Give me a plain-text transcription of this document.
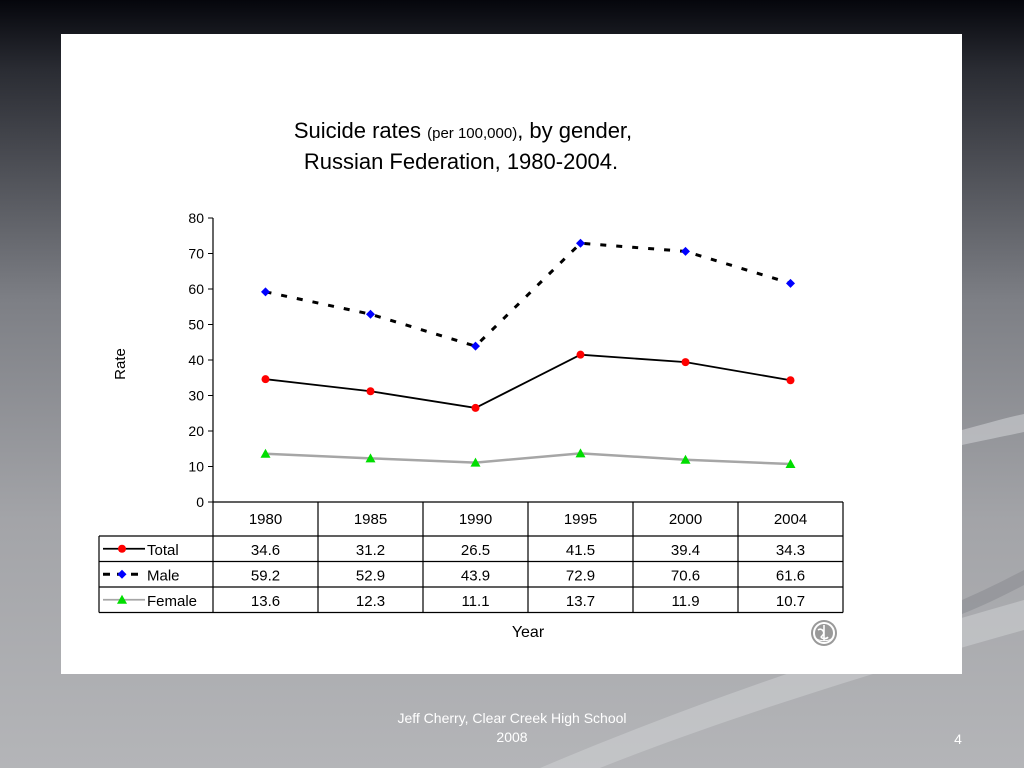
Suicide rates (per 100,000), by gender,
Russian Federation, 1980-2004.
Rate
Year
0
10
20
30
40
50
60
70
80
1980	1985	1990	1995	2000	2004
Total	34.6	31.2	26.5	41.5	39.4	34.3
Male	59.2	52.9	43.9	72.9	70.6	61.6
Female	13.6	12.3	11.1	13.7	11.9	10.7
Jeff Cherry, Clear Creek High School
2008	4
